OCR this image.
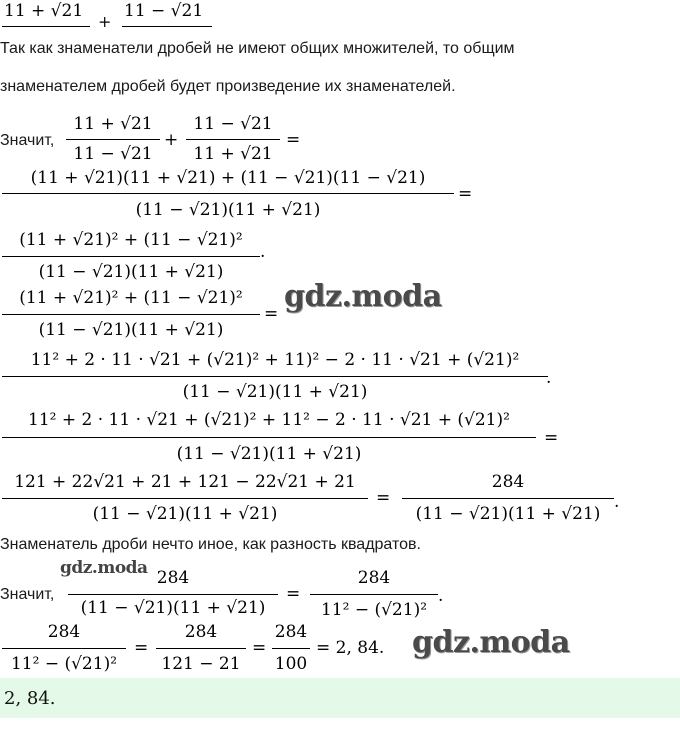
11 + √21
+
11 − √21
Так как знаменатели дробей не имеют общих множителей, то общим
знаменателем дробей будет произведение их знаменателей.
Значит,
11 + √21
11 − √21
+
11 − √21
11 + √21
=
(11 + √21)(11 + √21) + (11 − √21)(11 − √21)
(11 − √21)(11 + √21)
=
(11 + √21)² + (11 − √21)²
(11 − √21)(11 + √21)
.
(11 + √21)² + (11 − √21)²
(11 − √21)(11 + √21)
= gdz.moda
11² + 2 · 11 · √21 + (√21)² + 11)² − 2 · 11 · √21 + (√21)²
(11 − √21)(11 + √21)
.
11² + 2 · 11 · √21 + (√21)² + 11² − 2 · 11 · √21 + (√21)²
(11 − √21)(11 + √21)
=
121 + 22√21 + 21 + 121 − 22√21 + 21
(11 − √21)(11 + √21)
=
284
(11 − √21)(11 + √21)
.
Знаменатель дроби нечто иное, как разность квадратов.
gdz.moda
Значит,
284
(11 − √21)(11 + √21)
=
284
11² − (√21)²
.
284
11² − (√21)²
=
284
121 − 21
=
284
100
= 2, 84. gdz.moda
2, 84.
